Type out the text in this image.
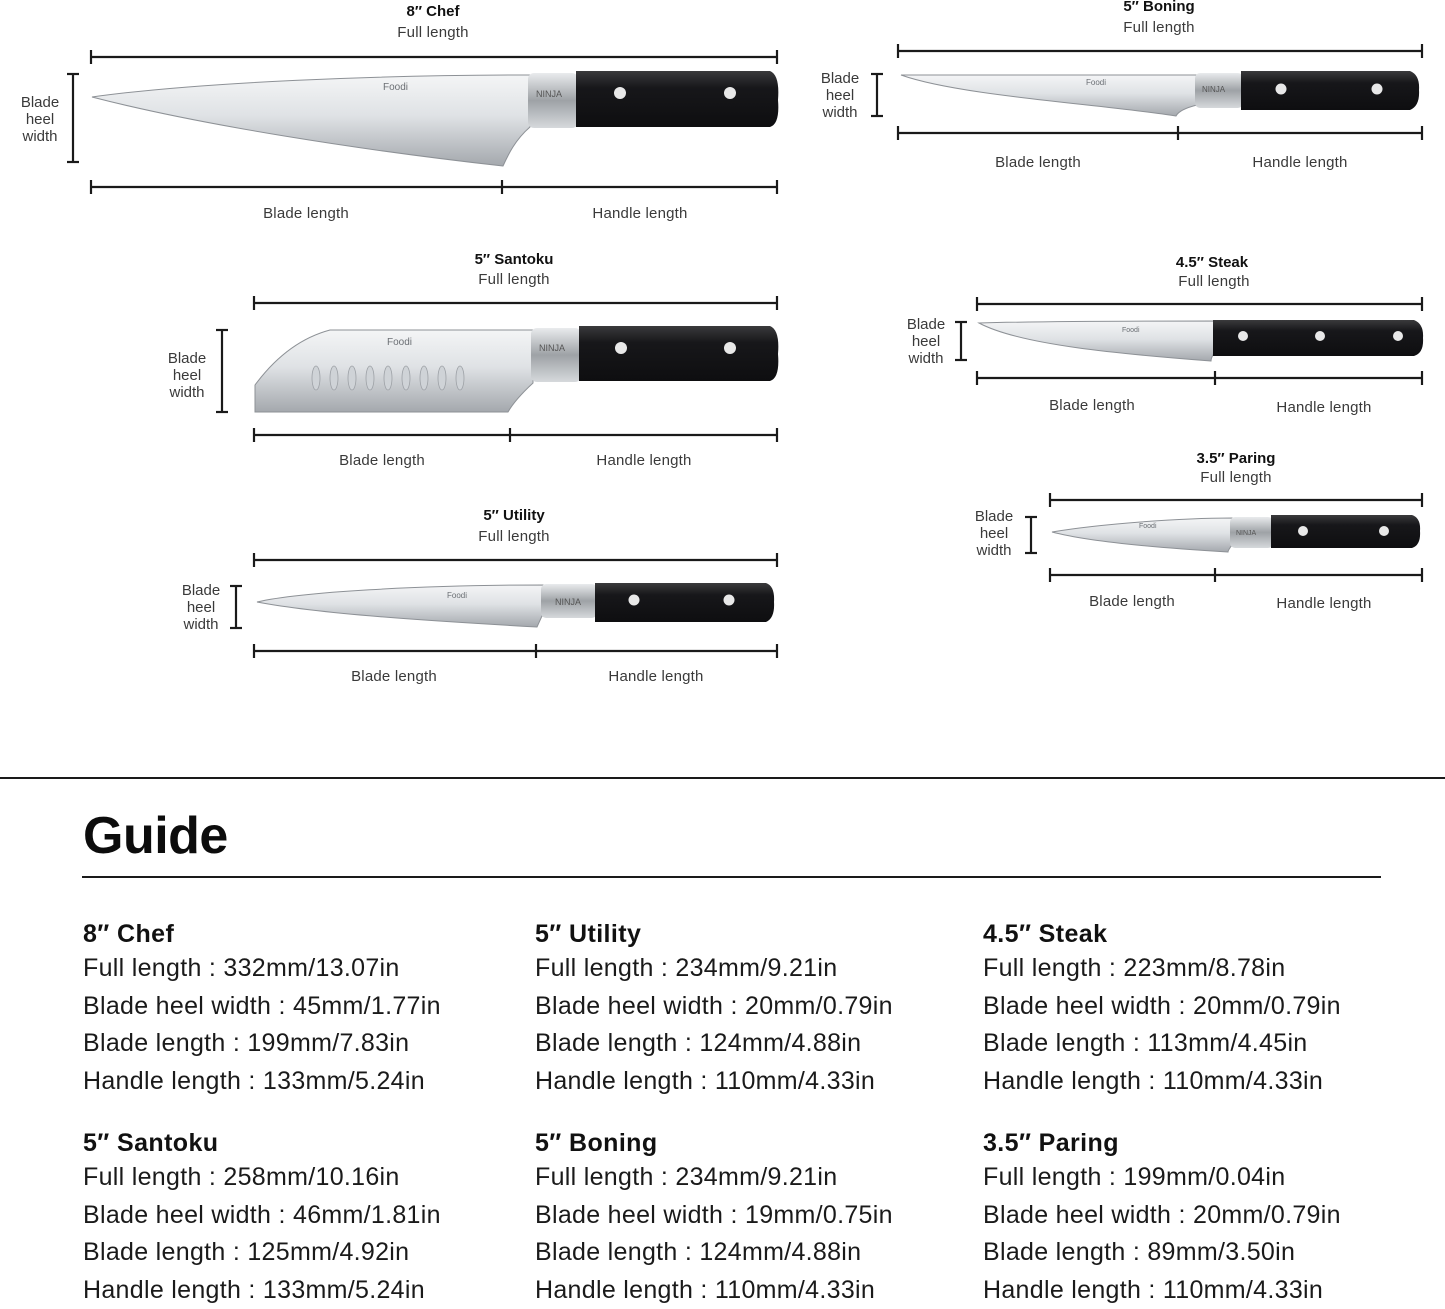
Foodi
NINJA
Foodi	NINJA
Foodi
NINJA
Foodi
NINJA
Foodi
Foodi
NINJA
8″ Chef
Full length
Blade
heel
width
Blade length	Handle length
5″ Boning
Full length
Blade
heel
width
Blade length	Handle length
5″ Santoku
Full length
Blade
heel
width
Blade length	Handle length
4.5″ Steak
Full length
Blade
heel
width
Blade length	Handle length
3.5″ Paring
Full length
Blade
heel
width
Blade length	Handle length
5″ Utility
Full length
Blade
heel
width
Blade length	Handle length
Guide
8″ Chef
Full length : 332mm/13.07in
Blade heel width : 45mm/1.77in
Blade length : 199mm/7.83in
Handle length : 133mm/5.24in
5″ Utility
Full length : 234mm/9.21in
Blade heel width : 20mm/0.79in
Blade length : 124mm/4.88in
Handle length : 110mm/4.33in
4.5″ Steak
Full length : 223mm/8.78in
Blade heel width : 20mm/0.79in
Blade length : 113mm/4.45in
Handle length : 110mm/4.33in
5″ Santoku
Full length : 258mm/10.16in
Blade heel width : 46mm/1.81in
Blade length : 125mm/4.92in
Handle length : 133mm/5.24in
5″ Boning
Full length : 234mm/9.21in
Blade heel width : 19mm/0.75in
Blade length : 124mm/4.88in
Handle length : 110mm/4.33in
3.5″ Paring
Full length : 199mm/0.04in
Blade heel width : 20mm/0.79in
Blade length : 89mm/3.50in
Handle length : 110mm/4.33in
